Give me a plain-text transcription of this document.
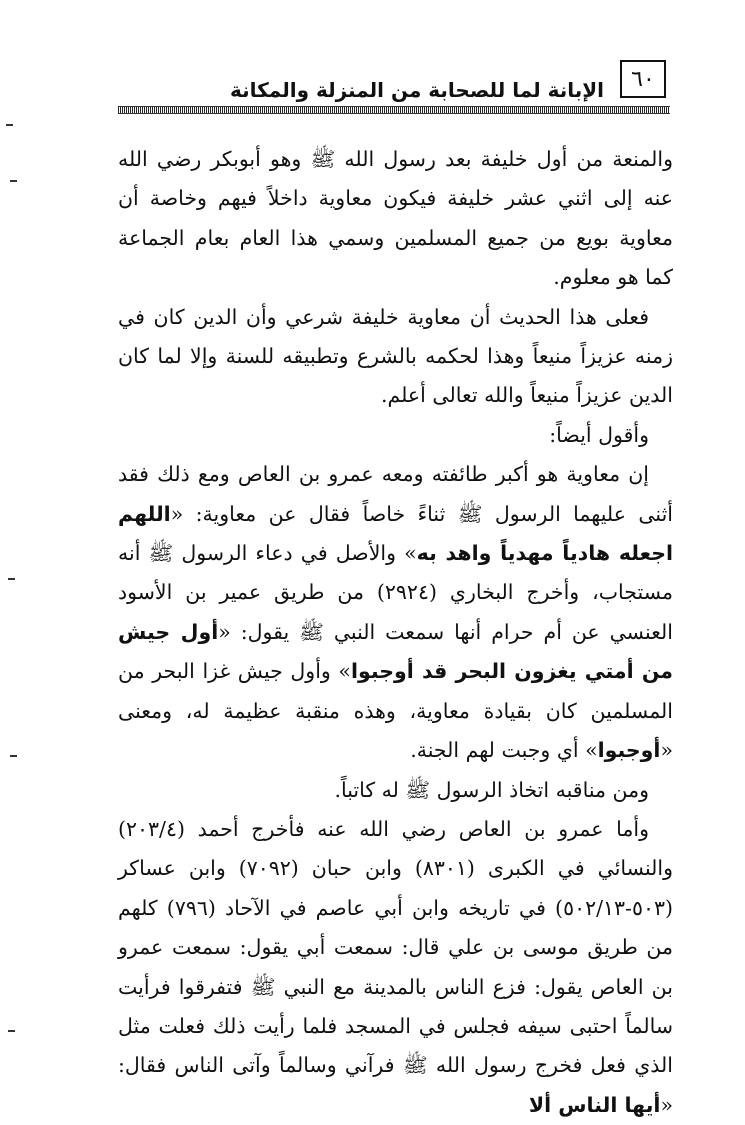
٦٠
الإبانة لما للصحابة من المنزلة والمكانة

والمنعة من أول خليفة بعد رسول الله ﷺ وهو أبوبكر رضي الله عنه إلى اثني عشر خليفة فيكون معاوية داخلاً فيهم وخاصة أن معاوية بويع من جميع المسلمين وسمي هذا العام بعام الجماعة كما هو معلوم.

فعلى هذا الحديث أن معاوية خليفة شرعي وأن الدين كان في زمنه عزيزاً منيعاً وهذا لحكمه بالشرع وتطبيقه للسنة وإلا لما كان الدين عزيزاً منيعاً والله تعالى أعلم.

وأقول أيضاً:

إن معاوية هو أكبر طائفته ومعه عمرو بن العاص ومع ذلك فقد أثنى عليهما الرسول ﷺ ثناءً خاصاً فقال عن معاوية: «اللهم اجعله هادياً مهدياً واهد به» والأصل في دعاء الرسول ﷺ أنه مستجاب، وأخرج البخاري (٢٩٢٤) من طريق عمير بن الأسود العنسي عن أم حرام أنها سمعت النبي ﷺ يقول: «أول جيش من أمتي يغزون البحر قد أوجبوا» وأول جيش غزا البحر من المسلمين كان بقيادة معاوية، وهذه منقبة عظيمة له، ومعنى «أوجبوا» أي وجبت لهم الجنة.

ومن مناقبه اتخاذ الرسول ﷺ له كاتباً.

وأما عمرو بن العاص رضي الله عنه فأخرج أحمد (٢٠٣/٤) والنسائي في الكبرى (٨٣٠١) وابن حبان (٧٠٩٢) وابن عساكر (٥٠٣-٥٠٢/١٣) في تاريخه وابن أبي عاصم في الآحاد (٧٩٦) كلهم من طريق موسى بن علي قال: سمعت أبي يقول: سمعت عمرو بن العاص يقول: فزع الناس بالمدينة مع النبي ﷺ فتفرقوا فرأيت سالماً احتبى سيفه فجلس في المسجد فلما رأيت ذلك فعلت مثل الذي فعل فخرج رسول الله ﷺ فرآني وسالماً وآتى الناس فقال: «أيها الناس ألا
